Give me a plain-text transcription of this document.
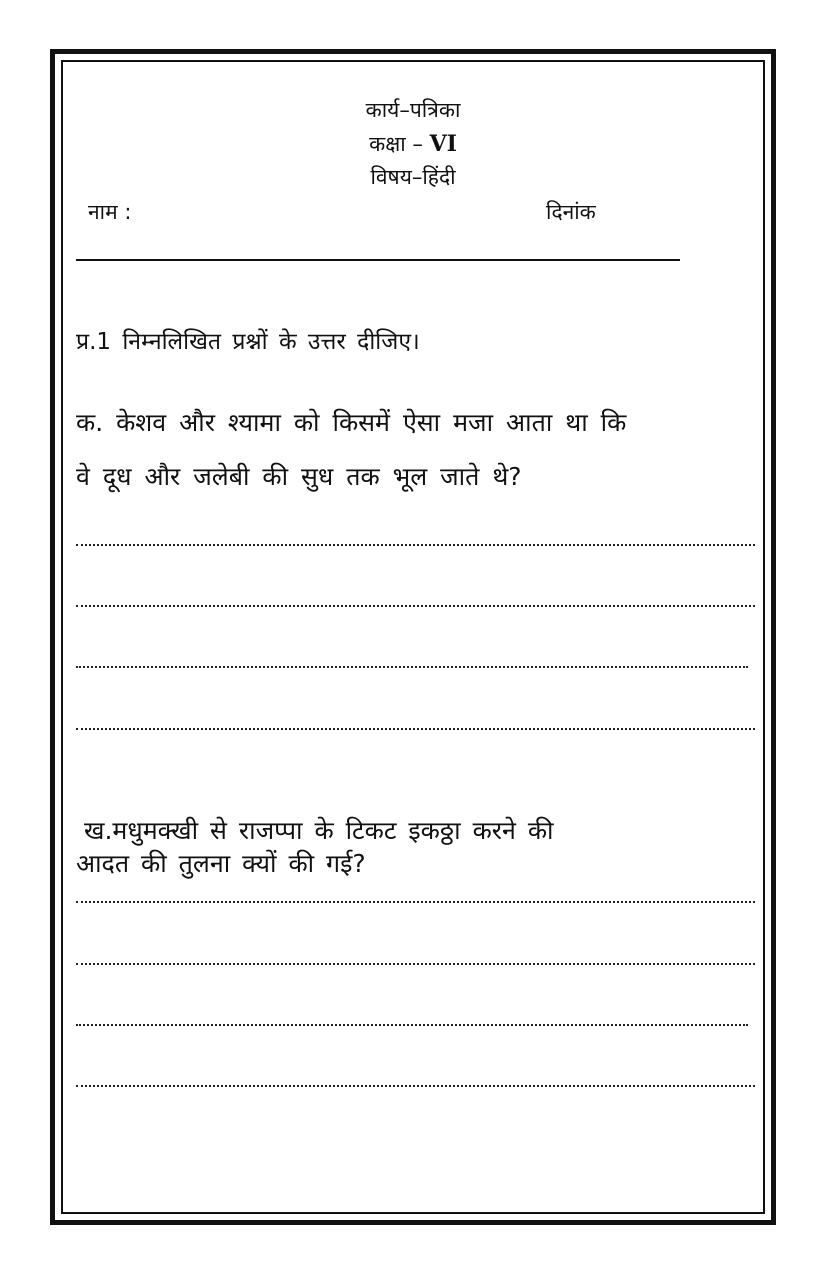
कार्य–पत्रिका
कक्षा – VI
विषय–हिंदी
नाम :	दिनांक
प्र.1 निम्नलिखित प्रश्नों के उत्तर दीजिए।
क. केशव और श्यामा को किसमें ऐसा मजा आता था कि
वे दूध और जलेबी की सुध तक भूल जाते थे?
ख.मधुमक्खी से राजप्पा के टिकट इकठ्ठा करने की
आदत की तुलना क्यों की गई?
